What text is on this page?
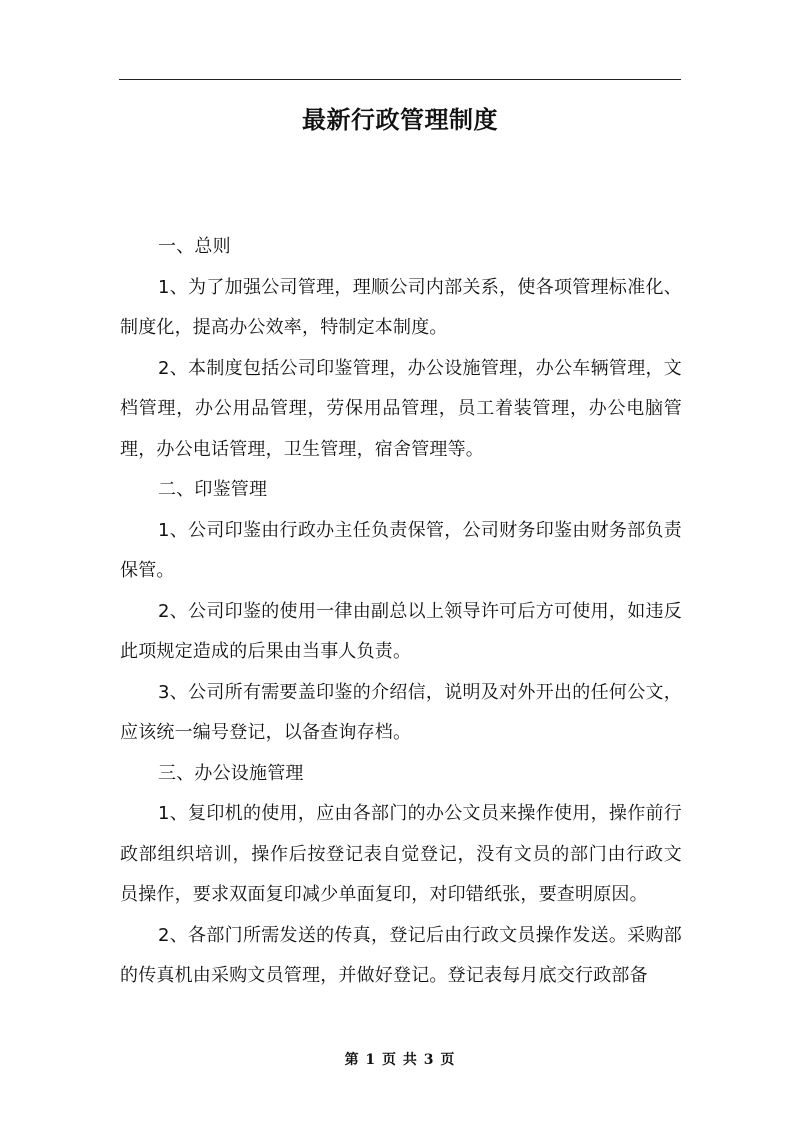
最新行政管理制度

一、总则

1、为了加强公司管理，理顺公司内部关系，使各项管理标准化、制度化，提高办公效率，特制定本制度。

2、本制度包括公司印鉴管理，办公设施管理，办公车辆管理，文档管理，办公用品管理，劳保用品管理，员工着装管理，办公电脑管理，办公电话管理，卫生管理，宿舍管理等。

二、印鉴管理

1、公司印鉴由行政办主任负责保管，公司财务印鉴由财务部负责保管。

2、公司印鉴的使用一律由副总以上领导许可后方可使用，如违反此项规定造成的后果由当事人负责。

3、公司所有需要盖印鉴的介绍信，说明及对外开出的任何公文，应该统一编号登记，以备查询存档。

三、办公设施管理

1、复印机的使用，应由各部门的办公文员来操作使用，操作前行政部组织培训，操作后按登记表自觉登记，没有文员的部门由行政文员操作，要求双面复印减少单面复印，对印错纸张，要查明原因。

2、各部门所需发送的传真，登记后由行政文员操作发送。采购部的传真机由采购文员管理，并做好登记。登记表每月底交行政部备

第 1 页 共 3 页
